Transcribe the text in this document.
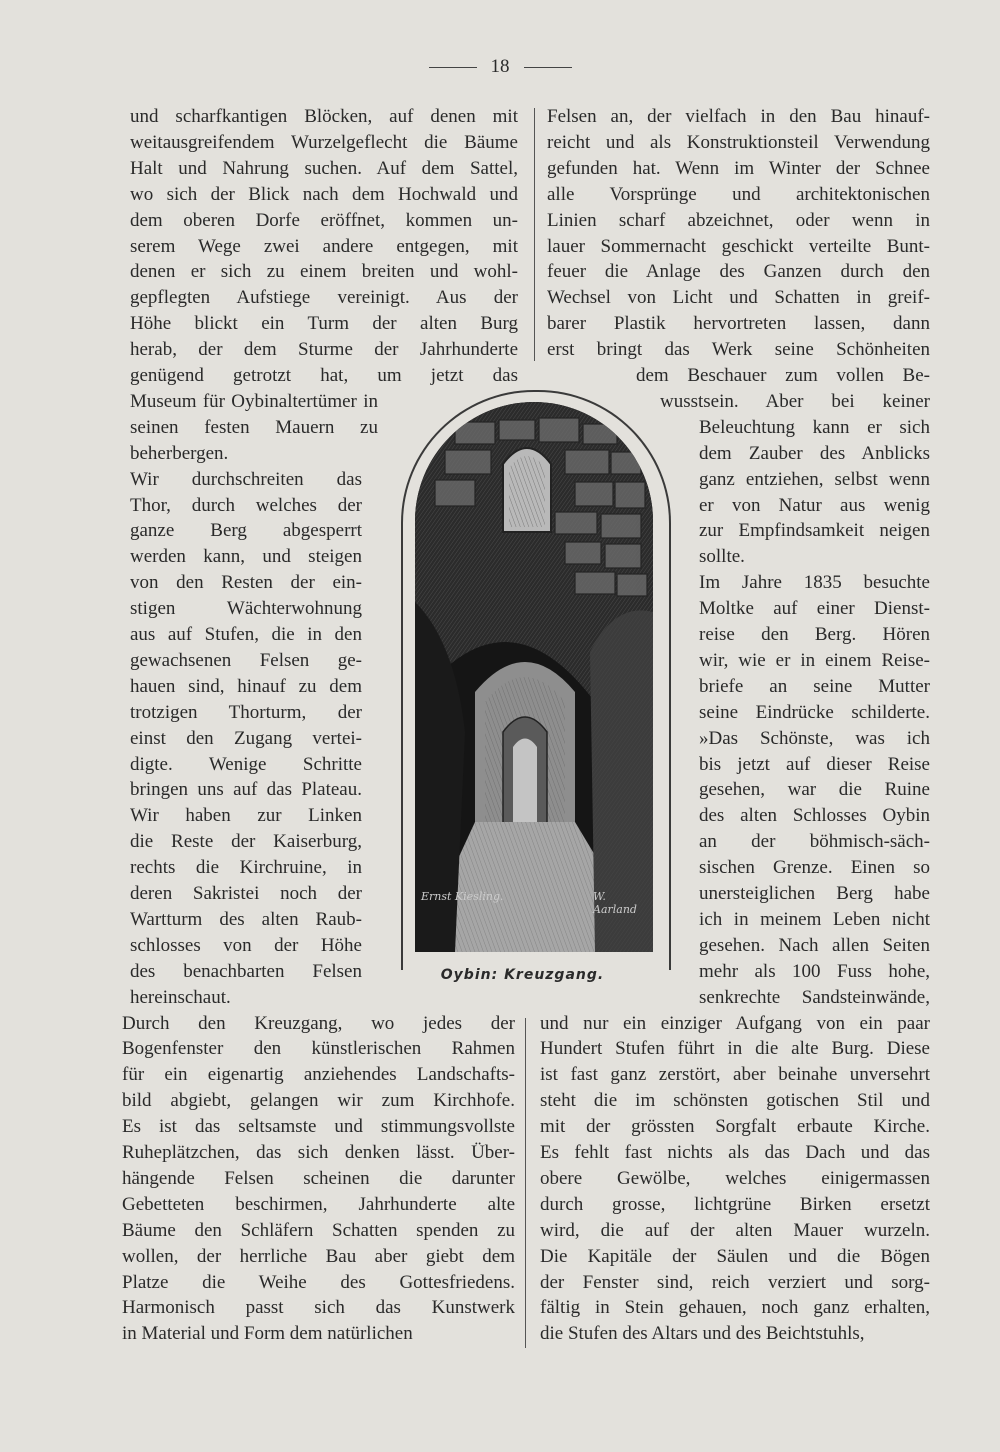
18
und scharfkantigen Blöcken, auf denen mit
weitausgreifendem Wurzelgeflecht die Bäume
Halt und Nahrung suchen. Auf dem Sattel,
wo sich der Blick nach dem Hochwald und
dem oberen Dorfe eröffnet, kommen un-
serem Wege zwei andere entgegen, mit
denen er sich zu einem breiten und wohl-
gepflegten Aufstiege vereinigt. Aus der
Höhe blickt ein Turm der alten Burg
herab, der dem Sturme der Jahrhunderte
genügend getrotzt hat, um jetzt das
Museum für Oybinaltertümer in
seinen festen Mauern zu
beherbergen.
Wir durchschreiten das
Thor, durch welches der
ganze Berg abgesperrt
werden kann, und steigen
von den Resten der ein-
stigen Wächterwohnung
aus auf Stufen, die in den
gewachsenen Felsen ge-
hauen sind, hinauf zu dem
trotzigen Thorturm, der
einst den Zugang vertei-
digte. Wenige Schritte
bringen uns auf das Plateau.
Wir haben zur Linken
die Reste der Kaiserburg,
rechts die Kirchruine, in
deren Sakristei noch der
Wartturm des alten Raub-
schlosses von der Höhe
des benachbarten Felsen
hereinschaut.
Durch den Kreuzgang, wo jedes der
Bogenfenster den künstlerischen Rahmen
für ein eigenartig anziehendes Landschafts-
bild abgiebt, gelangen wir zum Kirchhofe.
Es ist das seltsamste und stimmungsvollste
Ruheplätzchen, das sich denken lässt. Über-
hängende Felsen scheinen die darunter
Gebetteten beschirmen, Jahrhunderte alte
Bäume den Schläfern Schatten spenden zu
wollen, der herrliche Bau aber giebt dem
Platze die Weihe des Gottesfriedens.
Harmonisch passt sich das Kunstwerk
in Material und Form dem natürlichen
Felsen an, der vielfach in den Bau hinauf-
reicht und als Konstruktionsteil Verwendung
gefunden hat. Wenn im Winter der Schnee
alle Vorsprünge und architektonischen
Linien scharf abzeichnet, oder wenn in
lauer Sommernacht geschickt verteilte Bunt-
feuer die Anlage des Ganzen durch den
Wechsel von Licht und Schatten in greif-
barer Plastik hervortreten lassen, dann
erst bringt das Werk seine Schönheiten
dem Beschauer zum vollen Be-
wusstsein. Aber bei keiner
Beleuchtung kann er sich
dem Zauber des Anblicks
ganz entziehen, selbst wenn
er von Natur aus wenig
zur Empfindsamkeit neigen
sollte.
Im Jahre 1835 besuchte
Moltke auf einer Dienst-
reise den Berg. Hören
wir, wie er in einem Reise-
briefe an seine Mutter
seine Eindrücke schilderte.
»Das Schönste, was ich
bis jetzt auf dieser Reise
gesehen, war die Ruine
des alten Schlosses Oybin
an der böhmisch-säch-
sischen Grenze. Einen so
unersteiglichen Berg habe
ich in meinem Leben nicht
gesehen. Nach allen Seiten
mehr als 100 Fuss hohe,
senkrechte Sandsteinwände,
und nur ein einziger Aufgang von ein paar
Hundert Stufen führt in die alte Burg. Diese
ist fast ganz zerstört, aber beinahe unversehrt
steht die im schönsten gotischen Stil und
mit der grössten Sorgfalt erbaute Kirche.
Es fehlt fast nichts als das Dach und das
obere Gewölbe, welches einigermassen
durch grosse, lichtgrüne Birken ersetzt
wird, die auf der alten Mauer wurzeln.
Die Kapitäle der Säulen und die Bögen
der Fenster sind, reich verziert und sorg-
fältig in Stein gehauen, noch ganz erhalten,
die Stufen des Altars und des Beichtstuhls,
Ernst Kiesling.	W. Aarland
Oybin: Kreuzgang.
